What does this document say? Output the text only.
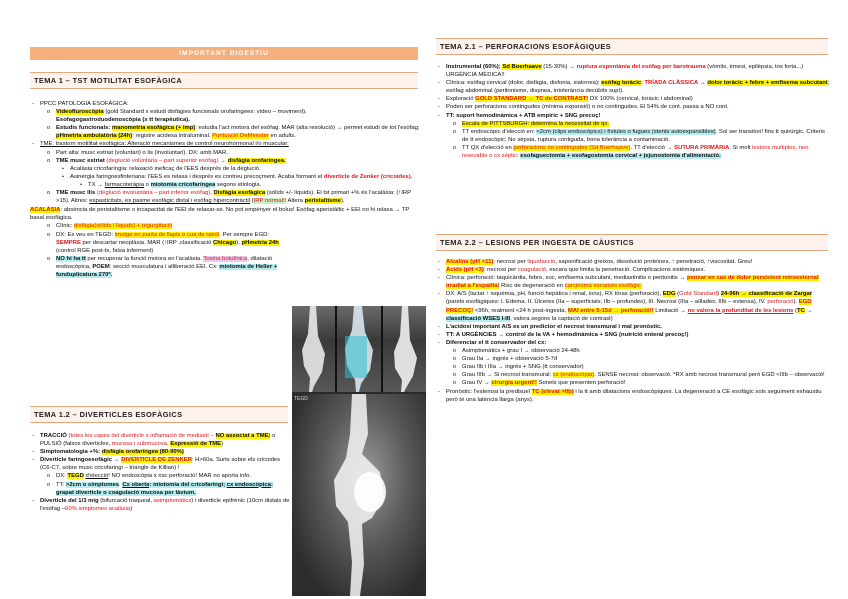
IMPORTANT DIGESTIU
TEMA 1 – TST MOTILITAT ESOFÀGICA
- PPCC PATOLOGIA ESOFÀGICA:
o Videofluroscòpia (gold Standard x estudi disfàgies funcionals orofaringees: vídeo – moviment).
Esofagogastroduodenoscòpia (x tt terapèutica).
o Estudis funcionals: manometria esofàgica (+ imp): estudia l'act motora del esòfag. MAR (alta resolució) → permet estudi de tot l'esòfag; pHmetria ambulatòria (24h): registre acidesa intraluminal. Puntuació DeMeester en adults.
- TME: trastorn motilitat esofàgica: Alteració mecanismes de control neurohormonal i/o muscular:
o Part alta: musc estriat (voluntari) o lis (involuntari). DX: amb MAR.
o TME musc estriat (deglució voluntària – part superior esòfag) → disfàgia orofaríngea.
▪ Acalàsia cricofaríngia: relaxació ineficaç de l'EES després de la deglució.
▪ Asinèrgia faringoesfinteriana: l'EES es relaxa i després es contreu precoçment. Acaba formant el divertícle de Zenker (cricoides).
• TX → farmacoteràpia o miotomia cricofaríngea segons etiologia.
o TME musc llis (deglució involuntària – part inferior esòfag). Disfàgia esofàgica (sòlids +/- líquids). El tst primari +% és l'acalàsia: (↑IRP >15). Altres: espasticitats, es pasme esofàgic distal i esòfag hipercontràctil (IRP normal!! Altera peristaltisme).
ACALÀSIA: absència de peristaltisme o incapacitat de l'EEI de relaxar-se. No pot empènyer el bolus! Esòfag aperistàltic + EEI no hi relaxa → TP basal esofàgica.
o Clínic: disfàgia(sòlids i líquids) + regurgitació
o DX: Es veu en TEGD: imatge en punta de llapis o cua de ratolí. Per sempre EGD: SEMPRE per descartar neoplàsia. MAR (↑IRP ,classificació Chicago), pHmetria 24h (control RGE post-tx, falsa inferment)
o NO hi ha tt per recuperar la funció motora en l'acalàsia. Toxina botulínica, dilatació endoscòpica, POEM: secció musculatura i alliberació EEI. Cx: miotomia de Heller + funduplicatura 270º.
TEMA 1.2 – DIVERTICLES ESOFÀGICS
- TRACCIÓ (totes les capes del diverticle x inflamació de mediastí – NO associat a TME) o PULSIÓ (falsos diverticles, mucosa i submucosa. Expressió de TME)
- Simptomatologia +%: disfàgia orofaríngea (80-90%)
- Diverticle faringoesofàgic → DIVERTICLE DE ZENKER: H>60a. Surts sobre els cricoides (C6-C7, sobre musc cricofaringi – triangle de Killian) !
o DX: TEGD d'elecció! NO endoscòpia x risc perforació! MAR no aporta info.
o TT: >2cm o símptomes. Cx oberta: miotomia del cricofaringi; cx endoscòpica: grapat diverticle o coagulació mucosa per làvium.
- Diverticle del 1/3 mig (bifurcació traqueal, asimptomàtics) i diverticle epifrènic (10cm distals de l'esòfag –60% simptomes acalàsia)
TEGD
TEMA 2.1 – PERFORACIONS ESOFÀGIQUES
- Instrumental (60%); Sd Boerhaave (15-30%) → ruptura espontània del esòfag per barotrauma (vòmits, èmesi, epilèpsia, tos forta...) URGÈNCIA MÈDICA!!
- Clínica: esòfag cervical (dolor, disfàgia, disfonia, sialorrea); esòfag toràcic: TRÍADA CLÀSSICA → dolor toràcic + febre + emfisema subcutani; esòfag abdominal (peritonisme, dispnea, intolerància decúbits supí).
- Exploració GOLD STANDARD → TC de CONTRAST! DX 100% (cervical, toràcic i abdominal)
- Poden ser perforacions contingudes (mínima expansió) o no contingudes. El 54% de cont. passa a NO cont.
- TT: suport hemodinàmica + ATB empíric + SNG precoç!
o Escala de PITTSBURGH: determina la necessitat de qx.
o TT endoscòpic d'elecció en: <2cm (clips endoscòpics) i fístules o fugues (stents autoexpansibles). Sol ser transitori! fins tt quirúrgic. Criteris de tt endoscòpic: No sèpsia, ruptura contiguda, bona tolerància a contaminació.
o TT QX d'elecció en perforacions no contingudes (Sd Boerhaave). TT d'elecció → SUTURA PRIMÀRIA. Si molt lesions multiples, neo resecable o cx séptic: esofaguectomia + esofagostomia cervical + jejunostomia d'alimentació.
TEMA 2.2 – LESIONS PER INGESTA DE CÀUSTICS
- Alcalins (pH >11): necrosi per liquefacció, saponificació greixos, dissolució proteïnes. ↑ penetració, ↑viscositat. Greu!
- Àcids (pH <3): necrosi per coagulació, escara que limita la penetració. Complicacions sistèmiques.
- Clínica: perforació: taquicàrdia, febre, xoc, emfisema subcutani, mediastinitis o peritonitis → pensar en cas de dolor persistent retroesternal irradiat a l'espatlla! Risc de degeneració en carcinoma escamós esofàgic.
- DX: A/S (lactat ↑ isquèmia, pH, funció hepàtica i renal, ions), RX tòrax (perforació), EDG (Gold Standard) 24-96h → classificació de Zargar (parets esofàgiques: I. Edema. II. Úlceres (IIa – superficials; IIb – profundes), III. Necrosi (IIIa – aïllades; IIIb – extensa), IV. perforació). EGD PRECOÇ! <96h, realment <24 h post-ingesta, MAI entre 5-15d → perforació!! Limitació → no valora la profunditat de les lesions (TC → classificació WSES I-III, valora segons la captació de contrast)
- L'acidosi important A/S es un predictor el necrosi transmural i mal pronòstic.
- TT: A URGÈNCIES → control de la VA + hemodinàmica + SNG (nutrició enteral precoç!)
- Diferenciar el tt conservador del cx:
o Asimptomàtics + grau I → observació 24-48h
o Grau IIa → ingrés + observació 5-7d
o Grau IIb i IIIa → ingrés + SNG (tt conservador)
o Grau IIIb → Si necrosi transmural: cx (endoscòpia). SENSE necrosi: observació. *RX amb necrosi transmural però EGD <IIIb – observació!
o Grau IV → cirurgia urgent!! Sonels que presenten perforació!
- Pronòstic: l'estenosi la predisuel TC (elevat >IIb) i la tt amb dilatacions endoscòpiques. La degeneració a CE esofàgic sols seguiment exhaustiu però té una latència llarga (anys).
